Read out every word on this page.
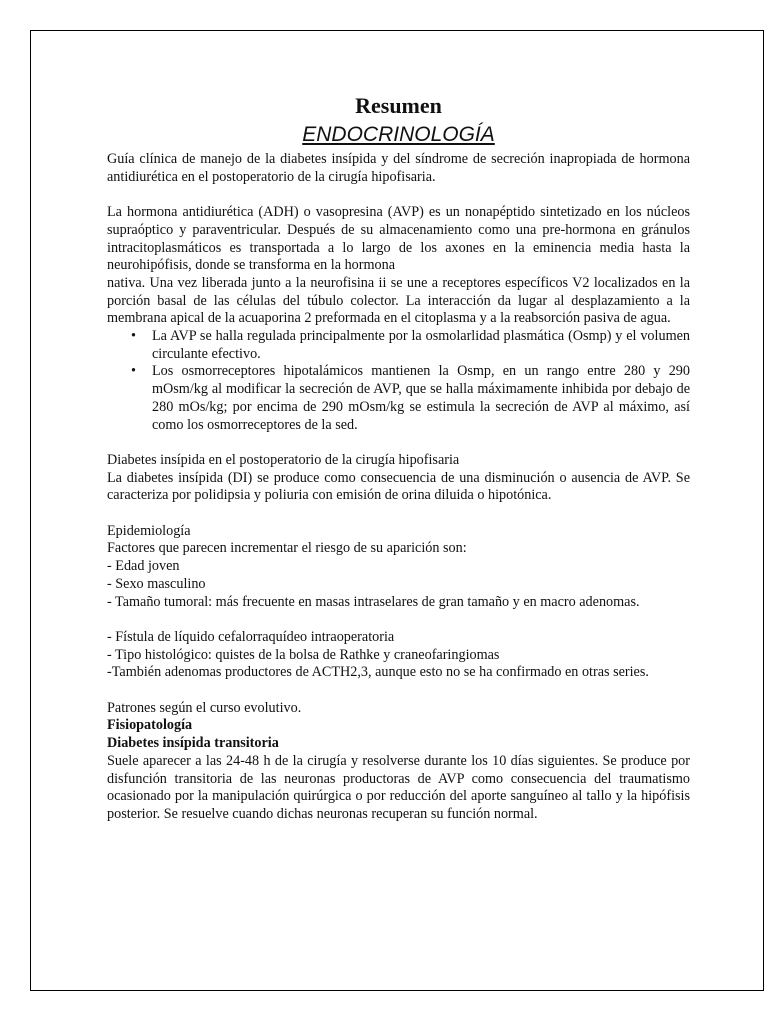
Resumen
ENDOCRINOLOGÍA

Guía clínica de manejo de la diabetes insípida y del síndrome de secreción inapropiada de hormona antidiurética en el postoperatorio de la cirugía hipofisaria.

La hormona antidiurética (ADH) o vasopresina (AVP) es un nonapéptido sintetizado en los núcleos supraóptico y paraventricular. Después de su almacenamiento como una pre-hormona en gránulos intracitoplasmáticos es transportada a lo largo de los axones en la eminencia media hasta la neurohipófisis, donde se transforma en la hormona

nativa. Una vez liberada junto a la neurofisina ii se une a receptores específicos V2 localizados en la porción basal de las células del túbulo colector. La interacción da lugar al desplazamiento a la membrana apical de la acuaporina 2 preformada en el citoplasma y a la reabsorción pasiva de agua.

• La AVP se halla regulada principalmente por la osmolarlidad plasmática (Osmp) y el volumen circulante efectivo.
• Los osmorreceptores hipotalámicos mantienen la Osmp, en un rango entre 280 y 290 mOsm/kg al modificar la secreción de AVP, que se halla máximamente inhibida por debajo de 280 mOs/kg; por encima de 290 mOsm/kg se estimula la secreción de AVP al máximo, así como los osmorreceptores de la sed.

Diabetes insípida en el postoperatorio de la cirugía hipofisaria

La diabetes insípida (DI) se produce como consecuencia de una disminución o ausencia de AVP. Se caracteriza por polidipsia y poliuria con emisión de orina diluida o hipotónica.

Epidemiología

Factores que parecen incrementar el riesgo de su aparición son:

- Edad joven

- Sexo masculino

- Tamaño tumoral: más frecuente en masas intraselares de gran tamaño y en macro adenomas.

- Fístula de líquido cefalorraquídeo intraoperatoria

- Tipo histológico: quistes de la bolsa de Rathke y craneofaringiomas

-También adenomas productores de ACTH2,3, aunque esto no se ha confirmado en otras series.

Patrones según el curso evolutivo.

Fisiopatología

Diabetes insípida transitoria

Suele aparecer a las 24-48 h de la cirugía y resolverse durante los 10 días siguientes. Se produce por disfunción transitoria de las neuronas productoras de AVP como consecuencia del traumatismo ocasionado por la manipulación quirúrgica o por reducción del aporte sanguíneo al tallo y la hipófisis posterior. Se resuelve cuando dichas neuronas recuperan su función normal.
